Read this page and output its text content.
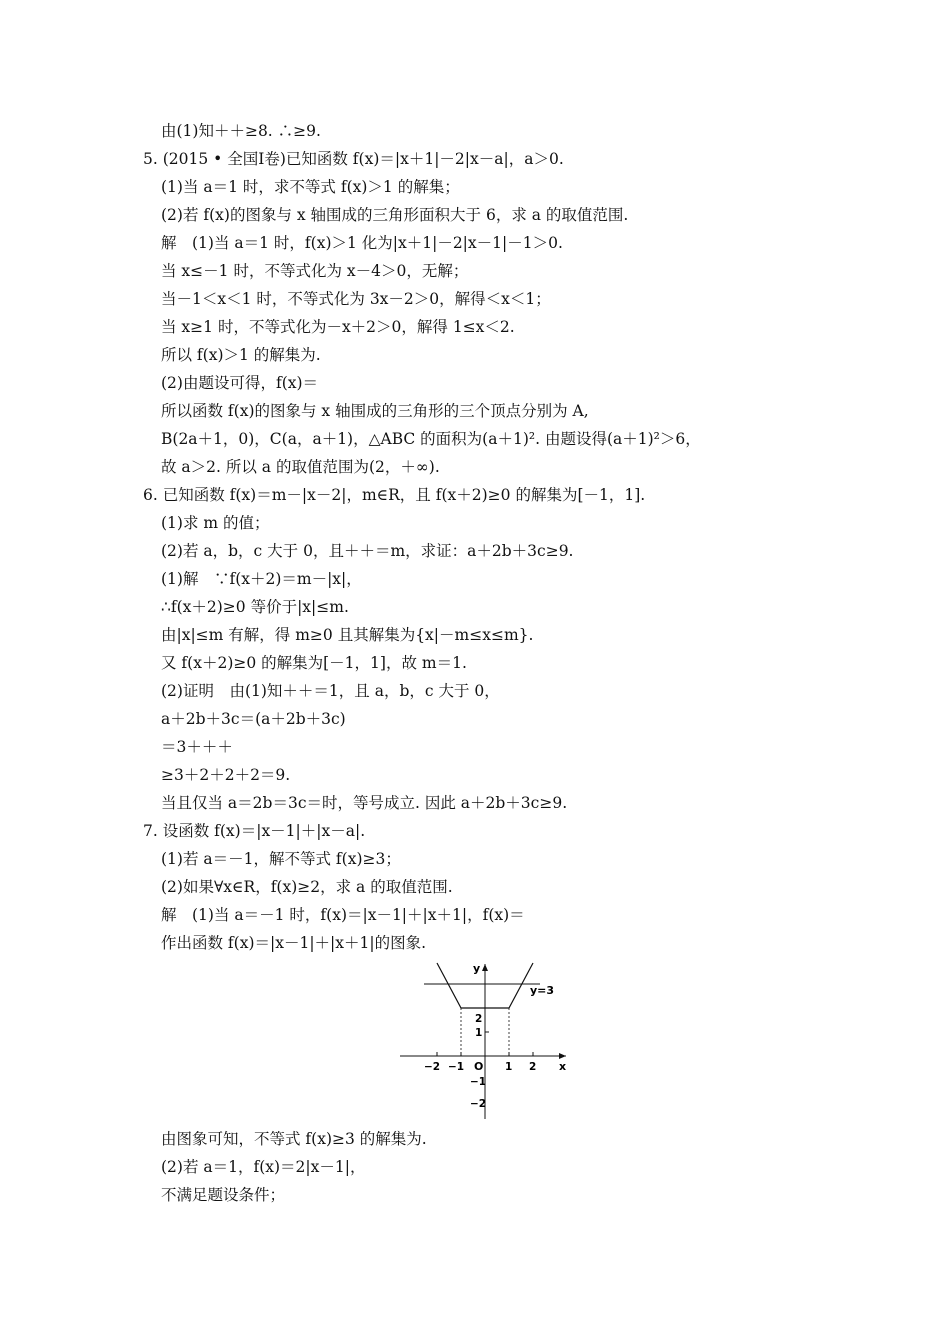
由(1)知＋＋≥8. ∴≥9.
5. (2015 • 全国Ⅰ卷)已知函数 f(x)＝|x＋1|－2|x－a|，a＞0.
(1)当 a＝1 时，求不等式 f(x)＞1 的解集；
(2)若 f(x)的图象与 x 轴围成的三角形面积大于 6，求 a 的取值范围.
解　(1)当 a＝1 时，f(x)＞1 化为|x＋1|－2|x－1|－1＞0.
当 x≤－1 时，不等式化为 x－4＞0，无解；
当－1＜x＜1 时，不等式化为 3x－2＞0，解得＜x＜1；
当 x≥1 时，不等式化为－x＋2＞0，解得 1≤x＜2.
所以 f(x)＞1 的解集为.
(2)由题设可得，f(x)＝
所以函数 f(x)的图象与 x 轴围成的三角形的三个顶点分别为 A,
B(2a＋1，0)，C(a，a＋1)，△ABC 的面积为(a＋1)². 由题设得(a＋1)²＞6，
故 a＞2. 所以 a 的取值范围为(2，＋∞).
6. 已知函数 f(x)＝m－|x－2|，m∈R，且 f(x＋2)≥0 的解集为[－1，1].
(1)求 m 的值；
(2)若 a，b，c 大于 0，且＋＋＝m，求证：a＋2b＋3c≥9.
(1)解　∵f(x＋2)＝m－|x|，
∴f(x＋2)≥0 等价于|x|≤m.
由|x|≤m 有解，得 m≥0 且其解集为{x|－m≤x≤m}.
又 f(x＋2)≥0 的解集为[－1，1]，故 m＝1.
(2)证明　由(1)知＋＋＝1，且 a，b，c 大于 0，
a＋2b＋3c＝(a＋2b＋3c)
＝3＋＋＋
≥3＋2＋2＋2＝9.
当且仅当 a＝2b＝3c＝时，等号成立. 因此 a＋2b＋3c≥9.
7. 设函数 f(x)＝|x－1|＋|x－a|.
(1)若 a＝－1，解不等式 f(x)≥3；
(2)如果∀x∈R，f(x)≥2，求 a 的取值范围.
解　(1)当 a＝－1 时，f(x)＝|x－1|＋|x＋1|，f(x)＝
作出函数 f(x)＝|x－1|＋|x＋1|的图象.
y
x
y=3
O
−2 −1	1 2
2
1
−1
−2
由图象可知，不等式 f(x)≥3 的解集为.
(2)若 a＝1，f(x)＝2|x－1|，
不满足题设条件；
